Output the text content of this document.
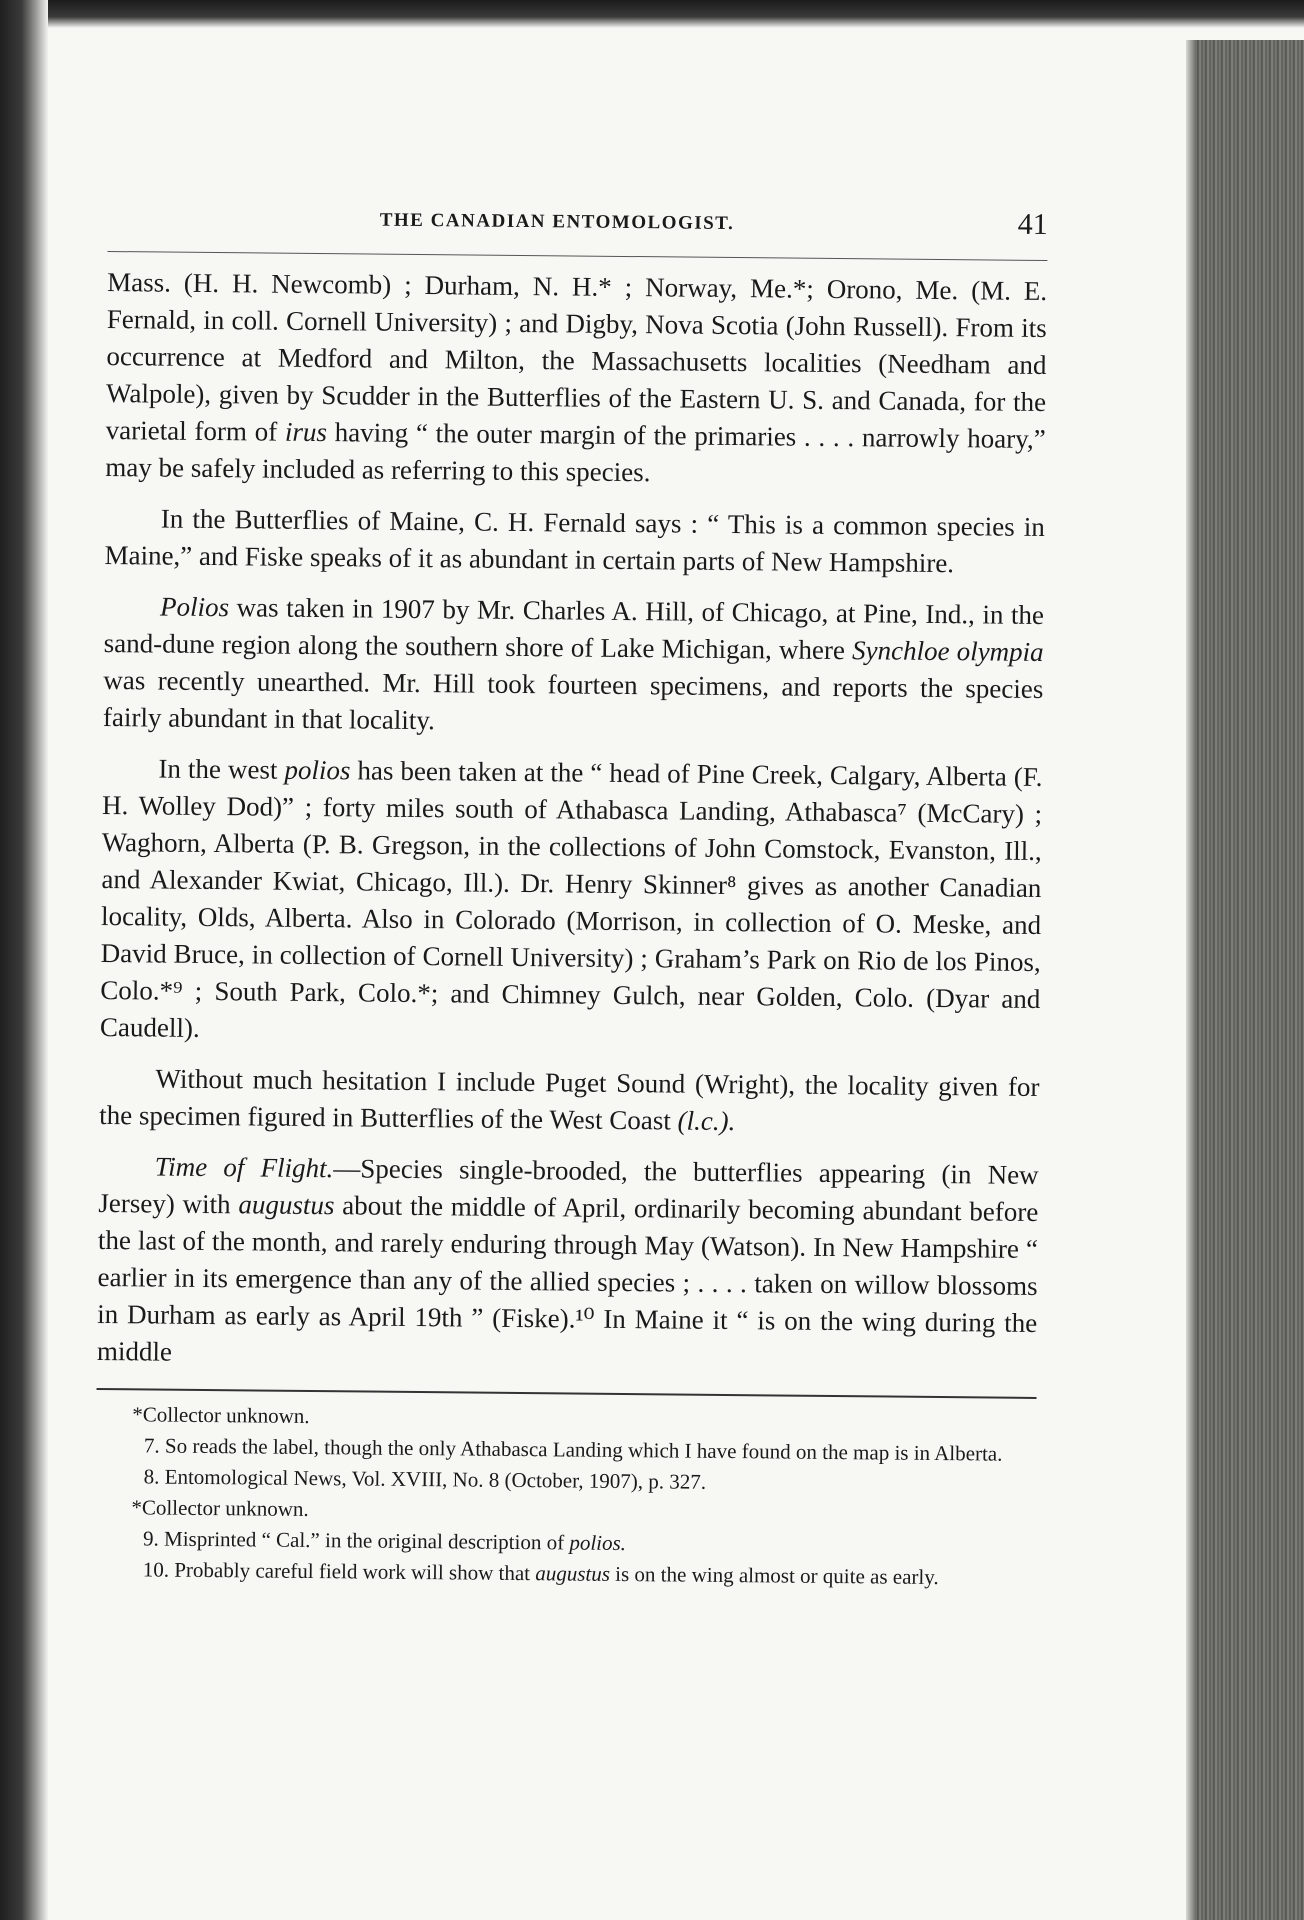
THE CANADIAN ENTOMOLOGIST.	41

Mass. (H. H. Newcomb) ; Durham, N. H.* ; Norway, Me.*; Orono, Me. (M. E. Fernald, in coll. Cornell University) ; and Digby, Nova Scotia (John Russell). From its occurrence at Medford and Milton, the Massachusetts localities (Needham and Walpole), given by Scudder in the Butterflies of the Eastern U. S. and Canada, for the varietal form of irus having “ the outer margin of the primaries . . . . narrowly hoary,” may be safely included as referring to this species.

In the Butterflies of Maine, C. H. Fernald says : “ This is a common species in Maine,” and Fiske speaks of it as abundant in certain parts of New Hampshire.

Polios was taken in 1907 by Mr. Charles A. Hill, of Chicago, at Pine, Ind., in the sand-dune region along the southern shore of Lake Michigan, where Synchloe olympia was recently unearthed. Mr. Hill took fourteen specimens, and reports the species fairly abundant in that locality.

In the west polios has been taken at the “ head of Pine Creek, Calgary, Alberta (F. H. Wolley Dod)” ; forty miles south of Athabasca Landing, Athabasca⁷ (McCary) ; Waghorn, Alberta (P. B. Gregson, in the collections of John Comstock, Evanston, Ill., and Alexander Kwiat, Chicago, Ill.). Dr. Henry Skinner⁸ gives as another Canadian locality, Olds, Alberta. Also in Colorado (Morrison, in collection of O. Meske, and David Bruce, in collection of Cornell University) ; Graham’s Park on Rio de los Pinos, Colo.*⁹ ; South Park, Colo.*; and Chimney Gulch, near Golden, Colo. (Dyar and Caudell).

Without much hesitation I include Puget Sound (Wright), the locality given for the specimen figured in Butterflies of the West Coast (l.c.).

Time of Flight.—Species single-brooded, the butterflies appearing (in New Jersey) with augustus about the middle of April, ordinarily becoming abundant before the last of the month, and rarely enduring through May (Watson). In New Hampshire “ earlier in its emergence than any of the allied species ; . . . . taken on willow blossoms in Durham as early as April 19th ” (Fiske).¹⁰ In Maine it “ is on the wing during the middle

*Collector unknown.

7. So reads the label, though the only Athabasca Landing which I have found on the map is in Alberta.

8. Entomological News, Vol. XVIII, No. 8 (October, 1907), p. 327.

*Collector unknown.

9. Misprinted “ Cal.” in the original description of polios.

10. Probably careful field work will show that augustus is on the wing almost or quite as early.
